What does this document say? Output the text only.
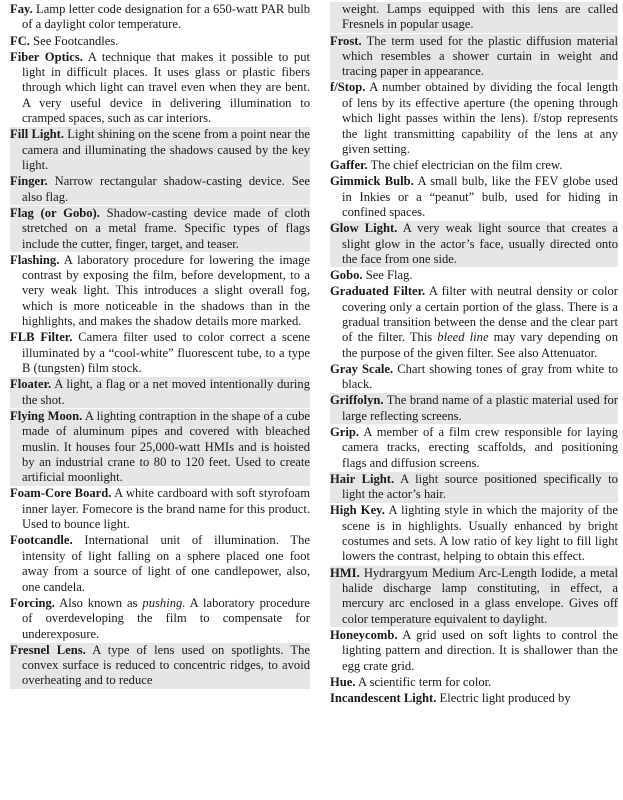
Fay. Lamp letter code designation for a 650-watt PAR bulb of a daylight color temperature.

FC. See Footcandles.

Fiber Optics. A technique that makes it possible to put light in difficult places. It uses glass or plastic fibers through which light can travel even when they are bent. A very useful device in delivering illumination to cramped spaces, such as car interiors.

Fill Light. Light shining on the scene from a point near the camera and illuminating the shadows caused by the key light.

Finger. Narrow rectangular shadow-casting device. See also flag.

Flag (or Gobo). Shadow-casting device made of cloth stretched on a metal frame. Specific types of flags include the cutter, finger, target, and teaser.

Flashing. A laboratory procedure for lowering the image contrast by exposing the film, before development, to a very weak light. This introduces a slight overall fog, which is more noticeable in the shadows than in the highlights, and makes the shadow details more marked.

FLB Filter. Camera filter used to color correct a scene illuminated by a “cool-white” fluorescent tube, to a type B (tungsten) film stock.

Floater. A light, a flag or a net moved intentionally during the shot.

Flying Moon. A lighting contraption in the shape of a cube made of aluminum pipes and covered with bleached muslin. It houses four 25,000-watt HMIs and is hoisted by an industrial crane to 80 to 120 feet. Used to create artificial moonlight.

Foam-Core Board. A white cardboard with soft styrofoam inner layer. Fomecore is the brand name for this product. Used to bounce light.

Footcandle. International unit of illumination. The intensity of light falling on a sphere placed one foot away from a source of light of one candlepower, also, one candela.

Forcing. Also known as pushing. A laboratory procedure of overdeveloping the film to compensate for underexposure.

Fresnel Lens. A type of lens used on spotlights. The convex surface is reduced to concentric ridges, to avoid overheating and to reduce

weight. Lamps equipped with this lens are called Fresnels in popular usage.

Frost. The term used for the plastic diffusion material which resembles a shower curtain in weight and tracing paper in appearance.

f/Stop. A number obtained by dividing the focal length of lens by its effective aperture (the opening through which light passes within the lens). f/stop represents the light transmitting capability of the lens at any given setting.

Gaffer. The chief electrician on the film crew.

Gimmick Bulb. A small bulb, like the FEV globe used in Inkies or a “peanut” bulb, used for hiding in confined spaces.

Glow Light. A very weak light source that creates a slight glow in the actor’s face, usually directed onto the face from one side.

Gobo. See Flag.

Graduated Filter. A filter with neutral density or color covering only a certain portion of the glass. There is a gradual transition between the dense and the clear part of the filter. This bleed line may vary depending on the purpose of the given filter. See also Attenuator.

Gray Scale. Chart showing tones of gray from white to black.

Griffolyn. The brand name of a plastic material used for large reflecting screens.

Grip. A member of a film crew responsible for laying camera tracks, erecting scaffolds, and positioning flags and diffusion screens.

Hair Light. A light source positioned specifically to light the actor’s hair.

High Key. A lighting style in which the majority of the scene is in highlights. Usually enhanced by bright costumes and sets. A low ratio of key light to fill light lowers the contrast, helping to obtain this effect.

HMI. Hydrargyum Medium Arc-Length Iodide, a metal halide discharge lamp constituting, in effect, a mercury arc enclosed in a glass envelope. Gives off color temperature equivalent to daylight.

Honeycomb. A grid used on soft lights to control the lighting pattern and direction. It is shallower than the egg crate grid.

Hue. A scientific term for color.

Incandescent Light. Electric light produced by
